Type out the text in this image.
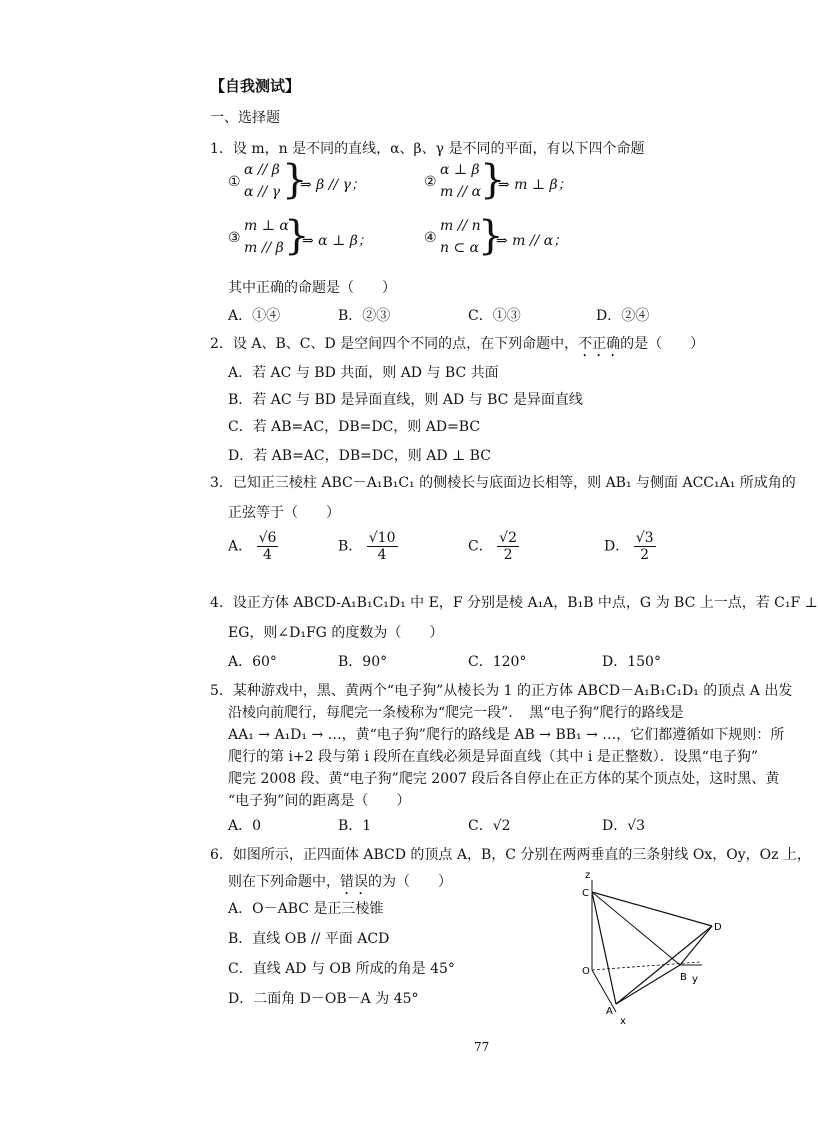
【自我测试】
一、选择题
1．设 m，n 是不同的直线，α、β、γ 是不同的平面，有以下四个命题
①
α // β
α // γ }
⇒ β // γ；	②
α ⊥ β
m // α
}
⇒ m ⊥ β；
③
m ⊥ α
m // β }
⇒ α ⊥ β；	④
m // n
n ⊂ α
}
⇒ m // α；
其中正确的命题是（　　）
A．①④	B．②③	C．①③	D．②④
2．设 A、B、C、D 是空间四个不同的点，在下列命题中，不正确的是（　　）
A．若 AC 与 BD 共面，则 AD 与 BC 共面
B．若 AC 与 BD 是异面直线，则 AD 与 BC 是异面直线
C．若 AB=AC，DB=DC，则 AD=BC
D．若 AB=AC，DB=DC，则 AD ⊥ BC
3．已知正三棱柱 ABC－A₁B₁C₁ 的侧棱长与底面边长相等，则 AB₁ 与侧面 ACC₁A₁ 所成角的
正弦等于（　　）
A． $\frac{√6}{4}$	B． $\frac{√10}{4}$	C． $\frac{√2}{2}$	D． $\frac{√3}{2}$
4．设正方体 ABCD-A₁B₁C₁D₁ 中 E，F 分别是棱 A₁A，B₁B 中点，G 为 BC 上一点，若 C₁F ⊥
EG，则∠D₁FG 的度数为（　　）
A．60°	B．90°	C．120°	D．150°
5．某种游戏中，黑、黄两个“电子狗”从棱长为 1 的正方体 ABCD－A₁B₁C₁D₁ 的顶点 A 出发
沿棱向前爬行，每爬完一条棱称为“爬完一段”．　黑“电子狗”爬行的路线是
AA₁ → A₁D₁ → …，黄“电子狗”爬行的路线是 AB → BB₁ → …，它们都遵循如下规则：所
爬行的第 i+2 段与第 i 段所在直线必须是异面直线（其中 i 是正整数）．设黑“电子狗”
爬完 2008 段、黄“电子狗”爬完 2007 段后各自停止在正方体的某个顶点处，这时黑、黄
“电子狗”间的距离是（　　）
A．0	B．1	C．√2	D．√3
6．如图所示，正四面体 ABCD 的顶点 A，B，C 分别在两两垂直的三条射线 Ox，Oy，Oz 上，
则在下列命题中，错误的为（　　）
A．O－ABC 是正三棱锥
B．直线 OB // 平面 ACD
C．直线 AD 与 OB 所成的角是 45°
D．二面角 D－OB－A 为 45°
z
C
D
O
B y
A
x
77
